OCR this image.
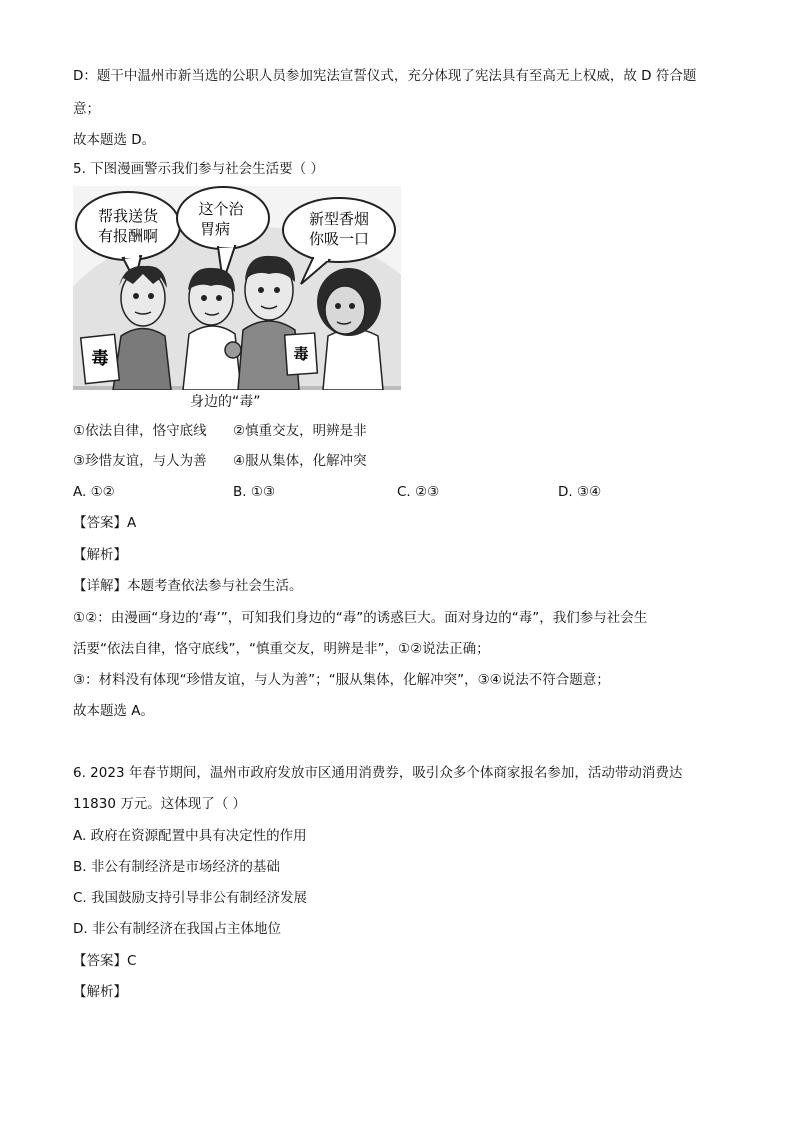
D：题干中温州市新当选的公职人员参加宪法宣誓仪式，充分体现了宪法具有至高无上权威，故 D 符合题
意；
故本题选 D。
5. 下图漫画警示我们参与社会生活要（ ）
帮我送货
有报酬啊
这个治
胃病
新型香烟
你吸一口
毒	毒
身边的“毒”
①依法自律，恪守底线 ②慎重交友，明辨是非
③珍惜友谊，与人为善 ④服从集体，化解冲突
A. ①②	B. ①③	C. ②③	D. ③④
【答案】A
【解析】
【详解】本题考查依法参与社会生活。
①②：由漫画“身边的‘毒’”，可知我们身边的“毒”的诱惑巨大。面对身边的“毒”，我们参与社会生
活要“依法自律，恪守底线”，“慎重交友，明辨是非”，①②说法正确；
③：材料没有体现“珍惜友谊，与人为善”；“服从集体，化解冲突”，③④说法不符合题意；
故本题选 A。
6. 2023 年春节期间，温州市政府发放市区通用消费券，吸引众多个体商家报名参加，活动带动消费达
11830 万元。这体现了（ ）
A. 政府在资源配置中具有决定性的作用
B. 非公有制经济是市场经济的基础
C. 我国鼓励支持引导非公有制经济发展
D. 非公有制经济在我国占主体地位
【答案】C
【解析】
